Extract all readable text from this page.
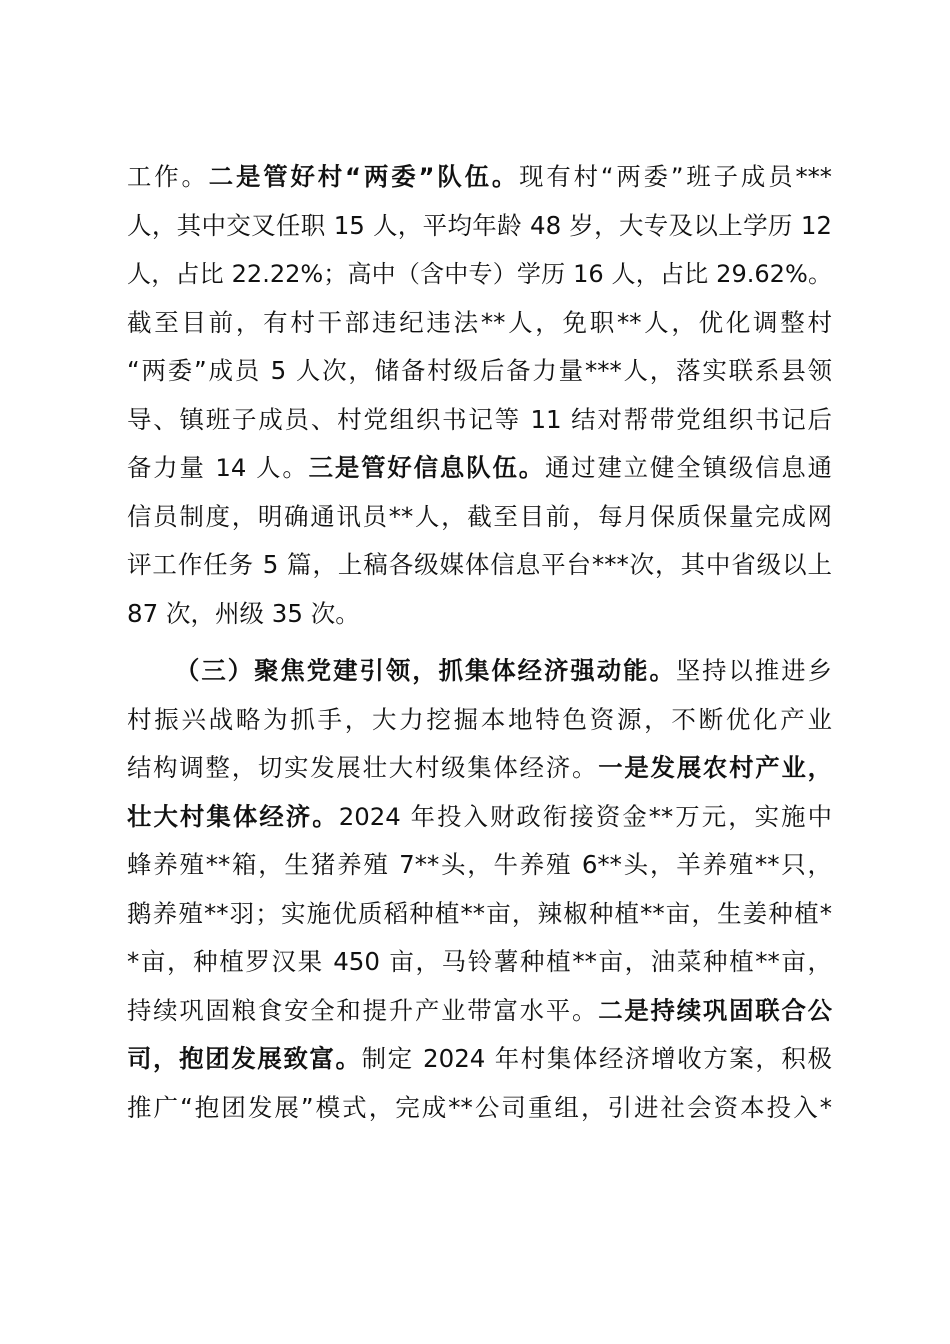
工作。二是管好村“两委”队伍。现有村“两委”班子成员***
人，其中交叉任职 15 人，平均年龄 48 岁，大专及以上学历 12
人，占比 22.22%；高中（含中专）学历 16 人，占比 29.62%。
截至目前，有村干部违纪违法**人，免职**人，优化调整村
“两委”成员 5 人次，储备村级后备力量***人，落实联系县领
导、镇班子成员、村党组织书记等 11 结对帮带党组织书记后
备力量 14 人。三是管好信息队伍。通过建立健全镇级信息通
信员制度，明确通讯员**人，截至目前，每月保质保量完成网
评工作任务 5 篇，上稿各级媒体信息平台***次，其中省级以上
87 次，州级 35 次。
（三）聚焦党建引领，抓集体经济强动能。坚持以推进乡
村振兴战略为抓手，大力挖掘本地特色资源，不断优化产业
结构调整，切实发展壮大村级集体经济。一是发展农村产业，
壮大村集体经济。2024 年投入财政衔接资金**万元，实施中
蜂养殖**箱，生猪养殖 7**头，牛养殖 6**头，羊养殖**只，
鹅养殖**羽；实施优质稻种植**亩，辣椒种植**亩，生姜种植*
*亩，种植罗汉果 450 亩，马铃薯种植**亩，油菜种植**亩，
持续巩固粮食安全和提升产业带富水平。二是持续巩固联合公
司，抱团发展致富。制定 2024 年村集体经济增收方案，积极
推广“抱团发展”模式，完成**公司重组，引进社会资本投入*
